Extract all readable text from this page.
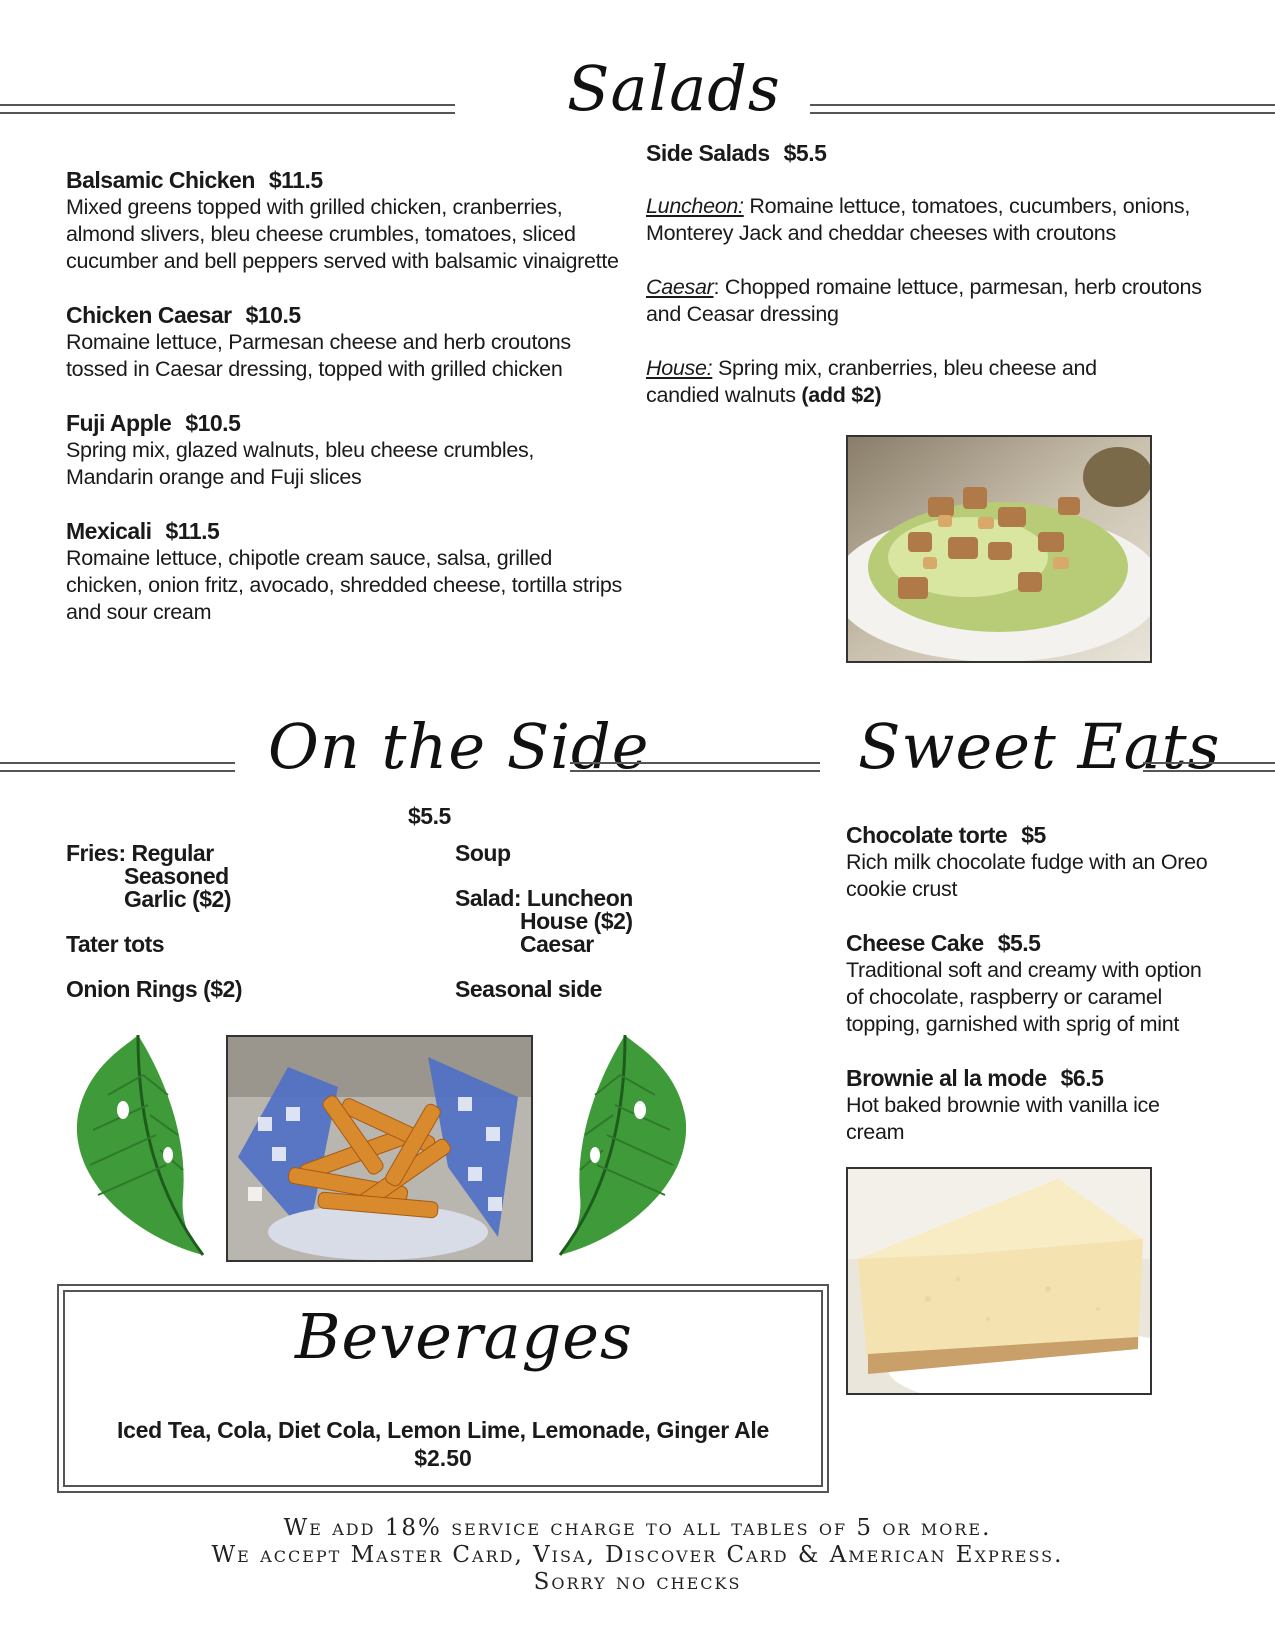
Salads
Balsamic Chicken $11.5
Mixed greens topped with grilled chicken, cranberries, almond slivers, bleu cheese crumbles, tomatoes, sliced cucumber and bell peppers served with balsamic vinaigrette
Chicken Caesar $10.5
Romaine lettuce, Parmesan cheese and herb croutons tossed in Caesar dressing, topped with grilled chicken
Fuji Apple $10.5
Spring mix, glazed walnuts, bleu cheese crumbles, Mandarin orange and Fuji slices
Mexicali $11.5
Romaine lettuce, chipotle cream sauce, salsa, grilled chicken, onion fritz, avocado, shredded cheese, tortilla strips and sour cream
Side Salads $5.5
Luncheon: Romaine lettuce, tomatoes, cucumbers, onions, Monterey Jack and cheddar cheeses with croutons
Caesar: Chopped romaine lettuce, parmesan, herb croutons and Ceasar dressing
House: Spring mix, cranberries, bleu cheese and candied walnuts (add $2)
On the Side
$5.5
Fries: Regular
Seasoned
Garlic ($2)
Tater tots
Onion Rings ($2)
Soup
Salad: Luncheon
House ($2)
Caesar
Seasonal side
Sweet Eats
Chocolate torte $5
Rich milk chocolate fudge with an Oreo cookie crust
Cheese Cake $5.5
Traditional soft and creamy with option of chocolate, raspberry or caramel topping, garnished with sprig of mint
Brownie al la mode $6.5
Hot baked brownie with vanilla ice cream
Beverages
Iced Tea, Cola, Diet Cola, Lemon Lime, Lemonade, Ginger Ale
$2.50
We add 18% service charge to all tables of 5 or more.
We accept Master Card, Visa, Discover Card & American Express.
Sorry no checks
